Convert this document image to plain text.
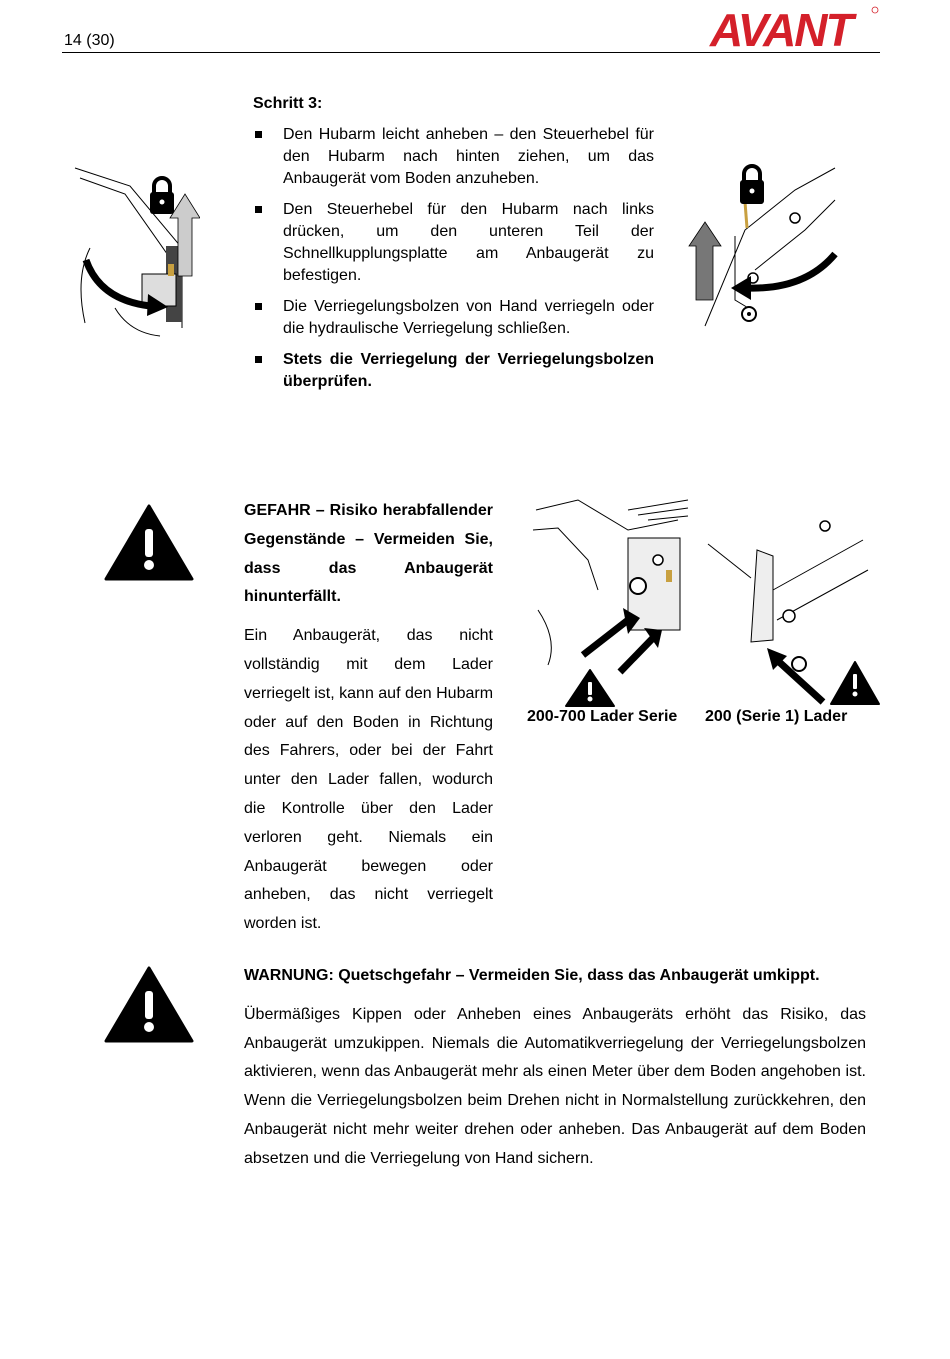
14 (30)	AVANT
Schritt 3:
Den Hubarm leicht anheben – den Steuerhebel für den Hubarm nach hinten ziehen, um das Anbaugerät vom Boden anzuheben.
Den Steuerhebel für den Hubarm nach links drücken, um den unteren Teil der Schnellkupplungsplatte am Anbaugerät zu befestigen.
Die Verriegelungsbolzen von Hand verriegeln oder die hydraulische Verriegelung schließen.
Stets die Verriegelung der Verriegelungsbolzen überprüfen.

GEFAHR – Risiko herabfallender Gegenstände – Vermeiden Sie, dass das Anbaugerät hinunterfällt.

Ein Anbaugerät, das nicht vollständig mit dem Lader verriegelt ist, kann auf den Hubarm oder auf den Boden in Richtung des Fahrers, oder bei der Fahrt unter den Lader fallen, wodurch die Kontrolle über den Lader verloren geht. Niemals ein Anbaugerät bewegen oder anheben, das nicht verriegelt worden ist.

200-700 Lader Serie 200 (Serie 1) Lader

WARNUNG: Quetschgefahr – Vermeiden Sie, dass das Anbaugerät umkippt.

Übermäßiges Kippen oder Anheben eines Anbaugeräts erhöht das Risiko, das Anbaugerät umzukippen. Niemals die Automatikverriegelung der Verriegelungsbolzen aktivieren, wenn das Anbaugerät mehr als einen Meter über dem Boden angehoben ist. Wenn die Verriegelungsbolzen beim Drehen nicht in Normalstellung zurückkehren, den Anbaugerät nicht mehr weiter drehen oder anheben. Das Anbaugerät auf dem Boden absetzen und die Verriegelung von Hand sichern.
